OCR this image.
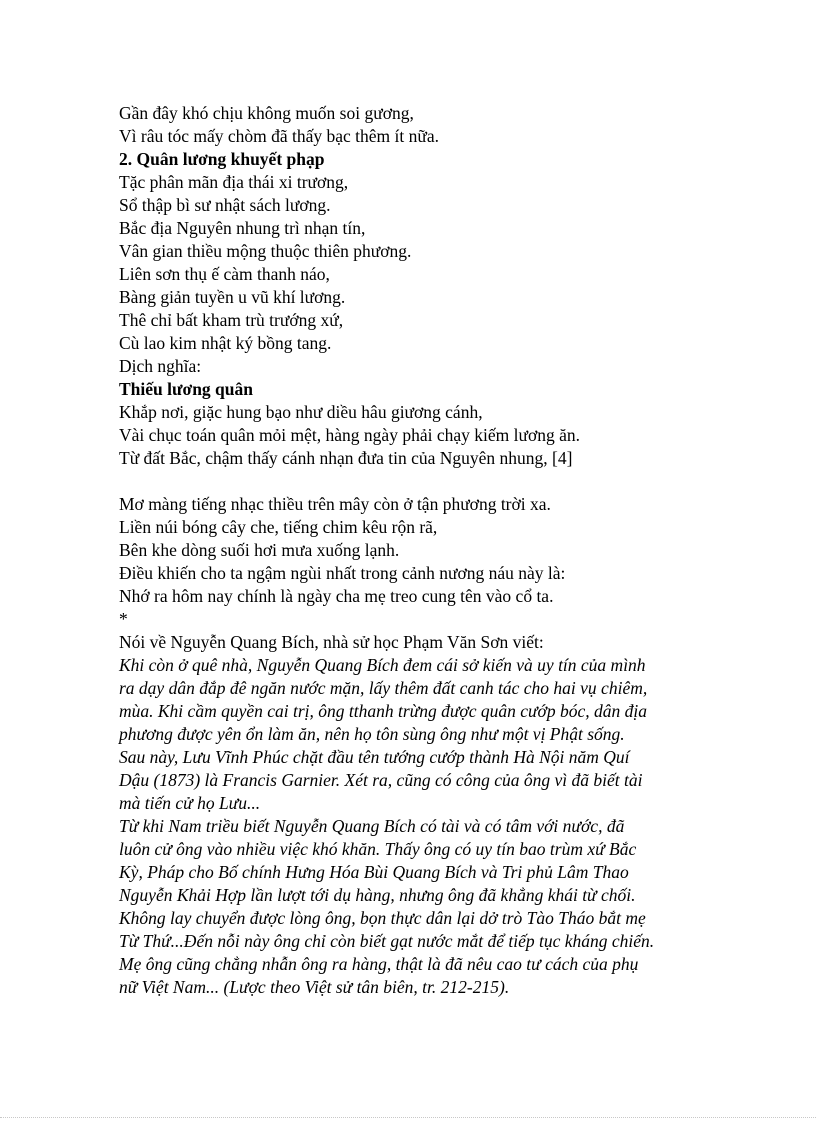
Gần đây khó chịu không muốn soi gương,
Vì râu tóc mấy chòm đã thấy bạc thêm ít nữa.
2. Quân lương khuyết phạp
Tặc phân mãn địa thái xi trương,
Sổ thập bì sư nhật sách lương.
Bắc địa Nguyên nhung trì nhạn tín,
Vân gian thiều mộng thuộc thiên phương.
Liên sơn thụ ế càm thanh náo,
Bàng giản tuyền u vũ khí lương.
Thê chỉ bất kham trù trướng xứ,
Cù lao kim nhật ký bồng tang.
Dịch nghĩa:
Thiếu lương quân
Khắp nơi, giặc hung bạo như diều hâu giương cánh,
Vài chục toán quân mỏi mệt, hàng ngày phải chạy kiếm lương ăn.
Từ đất Bắc, chậm thấy cánh nhạn đưa tin của Nguyên nhung, [4]
Mơ màng tiếng nhạc thiều trên mây còn ở tận phương trời xa.
Liền núi bóng cây che, tiếng chim kêu rộn rã,
Bên khe dòng suối hơi mưa xuống lạnh.
Điều khiến cho ta ngậm ngùi nhất trong cảnh nương náu này là:
Nhớ ra hôm nay chính là ngày cha mẹ treo cung tên vào cổ ta.
*
Nói về Nguyễn Quang Bích, nhà sử học Phạm Văn Sơn viết:
Khi còn ở quê nhà, Nguyễn Quang Bích đem cái sở kiến và uy tín của mình
ra dạy dân đắp đê ngăn nước mặn, lấy thêm đất canh tác cho hai vụ chiêm,
mùa. Khi cầm quyền cai trị, ông tthanh trừng được quân cướp bóc, dân địa
phương được yên ổn làm ăn, nên họ tôn sùng ông như một vị Phật sống.
Sau này, Lưu Vĩnh Phúc chặt đầu tên tướng cướp thành Hà Nội năm Quí
Dậu (1873) là Francis Garnier. Xét ra, cũng có công của ông vì đã biết tài
mà tiến cử họ Lưu...
Từ khi Nam triều biết Nguyễn Quang Bích có tài và có tâm với nước, đã
luôn cử ông vào nhiều việc khó khăn. Thấy ông có uy tín bao trùm xứ Bắc
Kỳ, Pháp cho Bố chính Hưng Hóa Bùi Quang Bích và Tri phủ Lâm Thao
Nguyễn Khải Hợp lần lượt tới dụ hàng, nhưng ông đã khẳng khái từ chối.
Không lay chuyển được lòng ông, bọn thực dân lại dở trò Tào Tháo bắt mẹ
Từ Thứ...Đến nỗi này ông chỉ còn biết gạt nước mắt để tiếp tục kháng chiến.
Mẹ ông cũng chẳng nhẫn ông ra hàng, thật là đã nêu cao tư cách của phụ
nữ Việt Nam... (Lược theo Việt sử tân biên, tr. 212-215).
